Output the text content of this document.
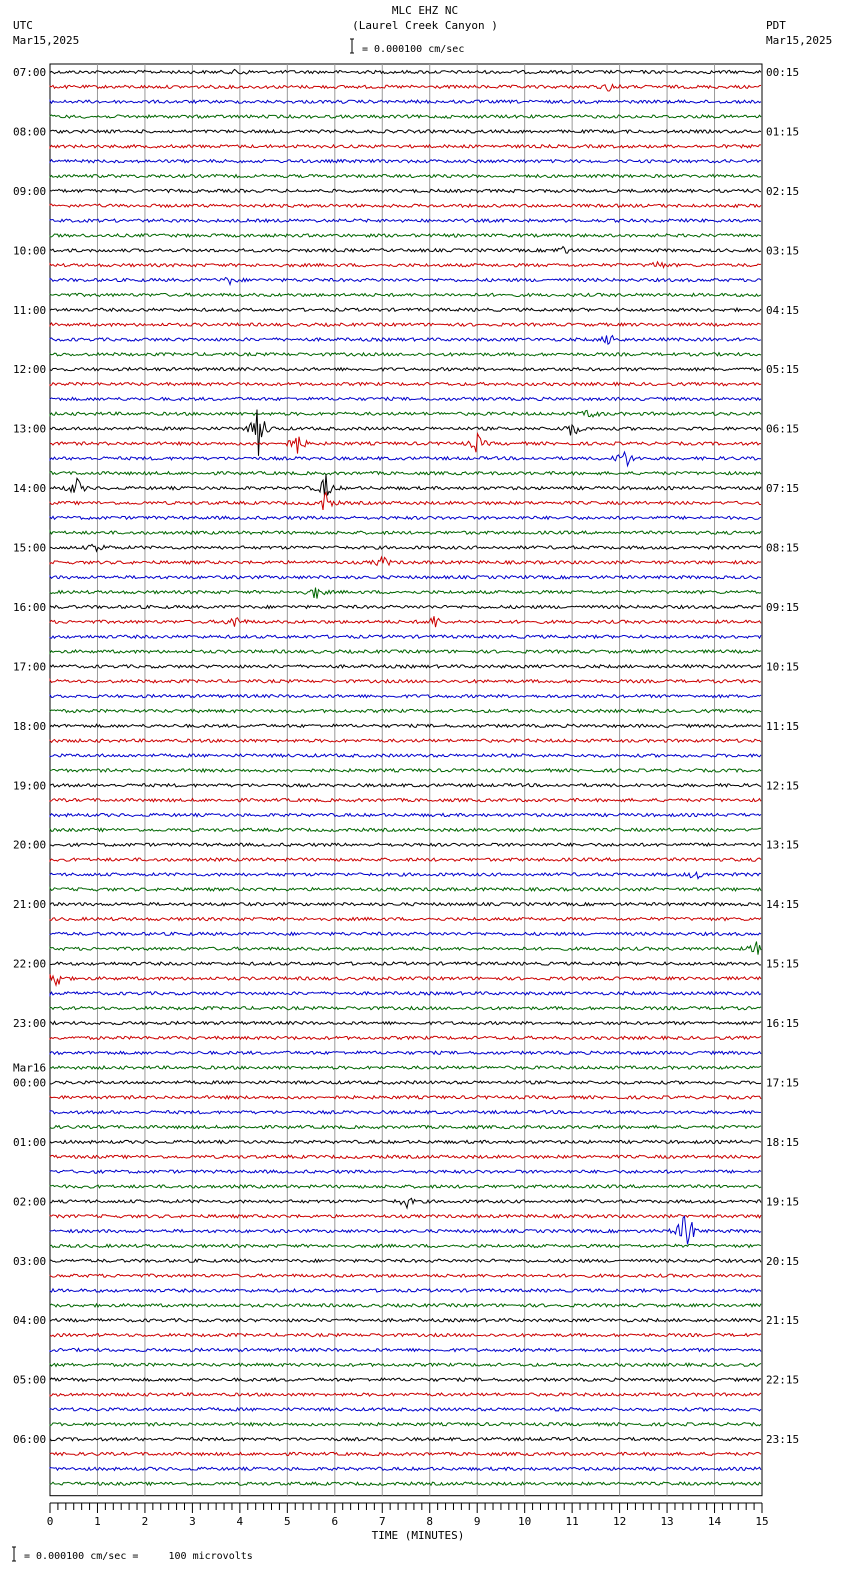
MLC EHZ NC
(Laurel Creek Canyon )
UTC
Mar15,2025
PDT
Mar15,2025
= 0.000100 cm/sec
07:00
08:00
09:00
10:00
11:00
12:00
13:00
14:00
15:00
16:00
17:00
18:00
19:00
20:00
21:00
22:00
23:00
00:00
01:00
02:00
03:00
04:00
05:00
06:00
00:15
01:15
02:15
03:15
04:15
05:15
06:15
07:15
08:15
09:15
10:15
11:15
12:15
13:15
14:15
15:15
16:15
17:15
18:15
19:15
20:15
21:15
22:15
23:15
Mar16
0	1	2	3	4	5	6	7	8	9	10	11	12	13	14	15
TIME (MINUTES)
= 0.000100 cm/sec =     100 microvolts
